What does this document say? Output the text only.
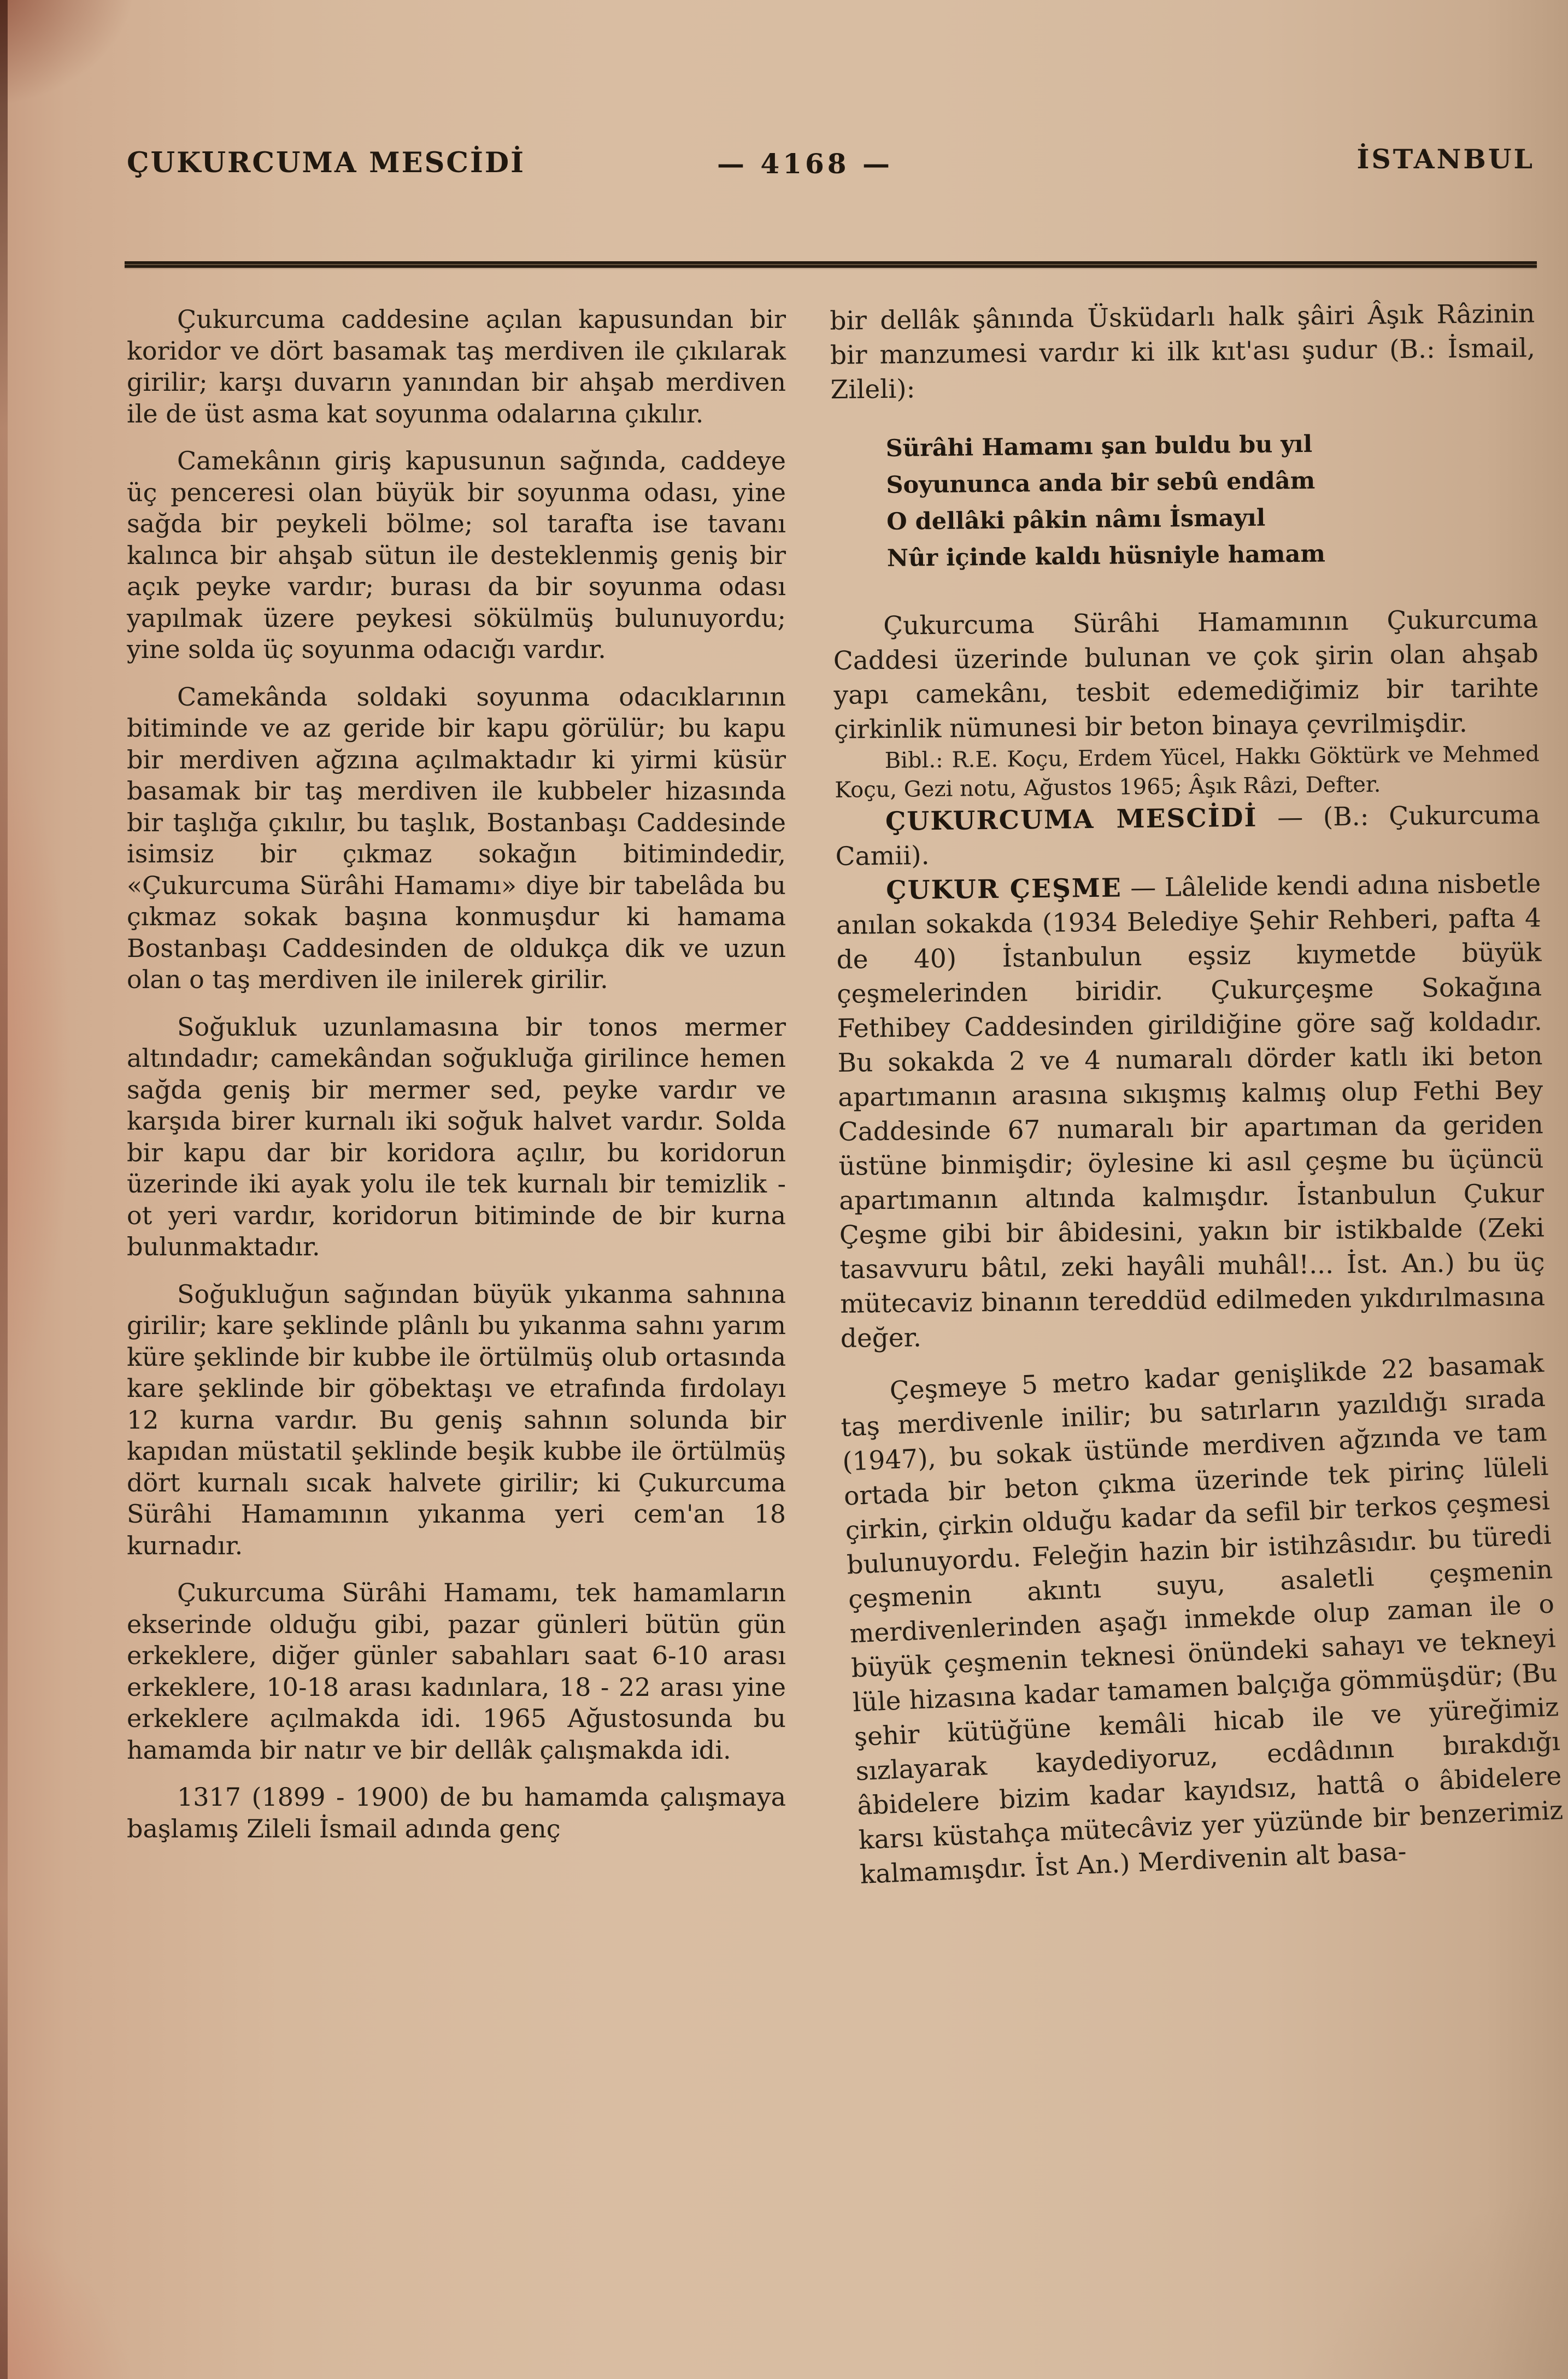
ÇUKURCUMA MESCİDİ	— 4168 —	İSTANBUL

Çukurcuma caddesine açılan kapusundan bir koridor ve dört basamak taş merdiven ile çıkılarak girilir; karşı duvarın yanından bir ahşab merdiven ile de üst asma kat soyunma odalarına çıkılır.

Camekânın giriş kapusunun sağında, caddeye üç penceresi olan büyük bir soyunma odası, yine sağda bir peykeli bölme; sol tarafta ise tavanı kalınca bir ahşab sütun ile desteklenmiş geniş bir açık peyke vardır; burası da bir soyunma odası yapılmak üzere peykesi sökülmüş bulunuyordu; yine solda üç soyunma odacığı vardır.

Camekânda soldaki soyunma odacıklarının bitiminde ve az geride bir kapu görülür; bu kapu bir merdiven ağzına açılmaktadır ki yirmi küsür basamak bir taş merdiven ile kubbeler hizasında bir taşlığa çıkılır, bu taşlık, Bostanbaşı Caddesinde isimsiz bir çıkmaz sokağın bitimindedir, «Çukurcuma Sürâhi Hamamı» diye bir tabelâda bu çıkmaz sokak başına konmuşdur ki hamama Bostanbaşı Caddesinden de oldukça dik ve uzun olan o taş merdiven ile inilerek girilir.

Soğukluk uzunlamasına bir tonos mermer altındadır; camekândan soğukluğa girilince hemen sağda geniş bir mermer sed, peyke vardır ve karşıda birer kurnalı iki soğuk halvet vardır. Solda bir kapu dar bir koridora açılır, bu koridorun üzerinde iki ayak yolu ile tek kurnalı bir temizlik - ot yeri vardır, koridorun bitiminde de bir kurna bulunmaktadır.

Soğukluğun sağından büyük yıkanma sahnına girilir; kare şeklinde plânlı bu yıkanma sahnı yarım küre şeklinde bir kubbe ile örtülmüş olub ortasında kare şeklinde bir göbektaşı ve etrafında fırdolayı 12 kurna vardır. Bu geniş sahnın solunda bir kapıdan müstatil şeklinde beşik kubbe ile örtülmüş dört kurnalı sıcak halvete girilir; ki Çukurcuma Sürâhi Hamamının yıkanma yeri cem'an 18 kurnadır.

Çukurcuma Sürâhi Hamamı, tek hamamların ekserinde olduğu gibi, pazar günleri bütün gün erkeklere, diğer günler sabahları saat 6-10 arası erkeklere, 10-18 arası kadınlara, 18 - 22 arası yine erkeklere açılmakda idi. 1965 Ağustosunda bu hamamda bir natır ve bir dellâk çalışmakda idi.

1317 (1899 - 1900) de bu hamamda çalışmaya başlamış Zileli İsmail adında genç

bir dellâk şânında Üsküdarlı halk şâiri Âşık Râzinin bir manzumesi vardır ki ilk kıt'ası şudur (B.: İsmail, Zileli):

Sürâhi Hamamı şan buldu bu yıl
Soyununca anda bir sebû endâm
O dellâki pâkin nâmı İsmayıl
Nûr içinde kaldı hüsniyle hamam

Çukurcuma Sürâhi Hamamının Çukurcuma Caddesi üzerinde bulunan ve çok şirin olan ahşab yapı camekânı, tesbit edemediğimiz bir tarihte çirkinlik nümunesi bir beton binaya çevrilmişdir.

Bibl.: R.E. Koçu, Erdem Yücel, Hakkı Göktürk ve Mehmed Koçu, Gezi notu, Ağustos 1965; Âşık Râzi, Defter.

ÇUKURCUMA MESCİDİ — (B.: Çukurcuma Camii).

ÇUKUR ÇEŞME — Lâlelide kendi adına nisbetle anılan sokakda (1934 Belediye Şehir Rehberi, pafta 4 de 40) İstanbulun eşsiz kıymetde büyük çeşmelerinden biridir. Çukurçeşme Sokağına Fethibey Caddesinden girildiğine göre sağ koldadır. Bu sokakda 2 ve 4 numaralı dörder katlı iki beton apartımanın arasına sıkışmış kalmış olup Fethi Bey Caddesinde 67 numaralı bir apartıman da geriden üstüne binmişdir; öylesine ki asıl çeşme bu üçüncü apartımanın altında kalmışdır. İstanbulun Çukur Çeşme gibi bir âbidesini, yakın bir istikbalde (Zeki tasavvuru bâtıl, zeki hayâli muhâl!... İst. An.) bu üç mütecaviz binanın tereddüd edilmeden yıkdırılmasına değer.

Çeşmeye 5 metro kadar genişlikde 22 basamak taş merdivenle inilir; bu satırların yazıldığı sırada (1947), bu sokak üstünde merdiven ağzında ve tam ortada bir beton çıkma üzerinde tek pirinç lüleli çirkin, çirkin olduğu kadar da sefil bir terkos çeşmesi bulunuyordu. Feleğin hazin bir istihzâsıdır. bu türedi çeşmenin akıntı suyu, asaletli çeşmenin merdivenlerinden aşağı inmekde olup zaman ile o büyük çeşmenin teknesi önündeki sahayı ve tekneyi lüle hizasına kadar tamamen balçığa gömmüşdür; (Bu şehir kütüğüne kemâli hicab ile ve yüreğimiz sızlayarak kaydediyoruz, ecdâdının bırakdığı âbidelere bizim kadar kayıdsız, hattâ o âbidelere karsı küstahça mütecâviz yer yüzünde bir benzerimiz kalmamışdır. İst An.) Merdivenin alt basa-
